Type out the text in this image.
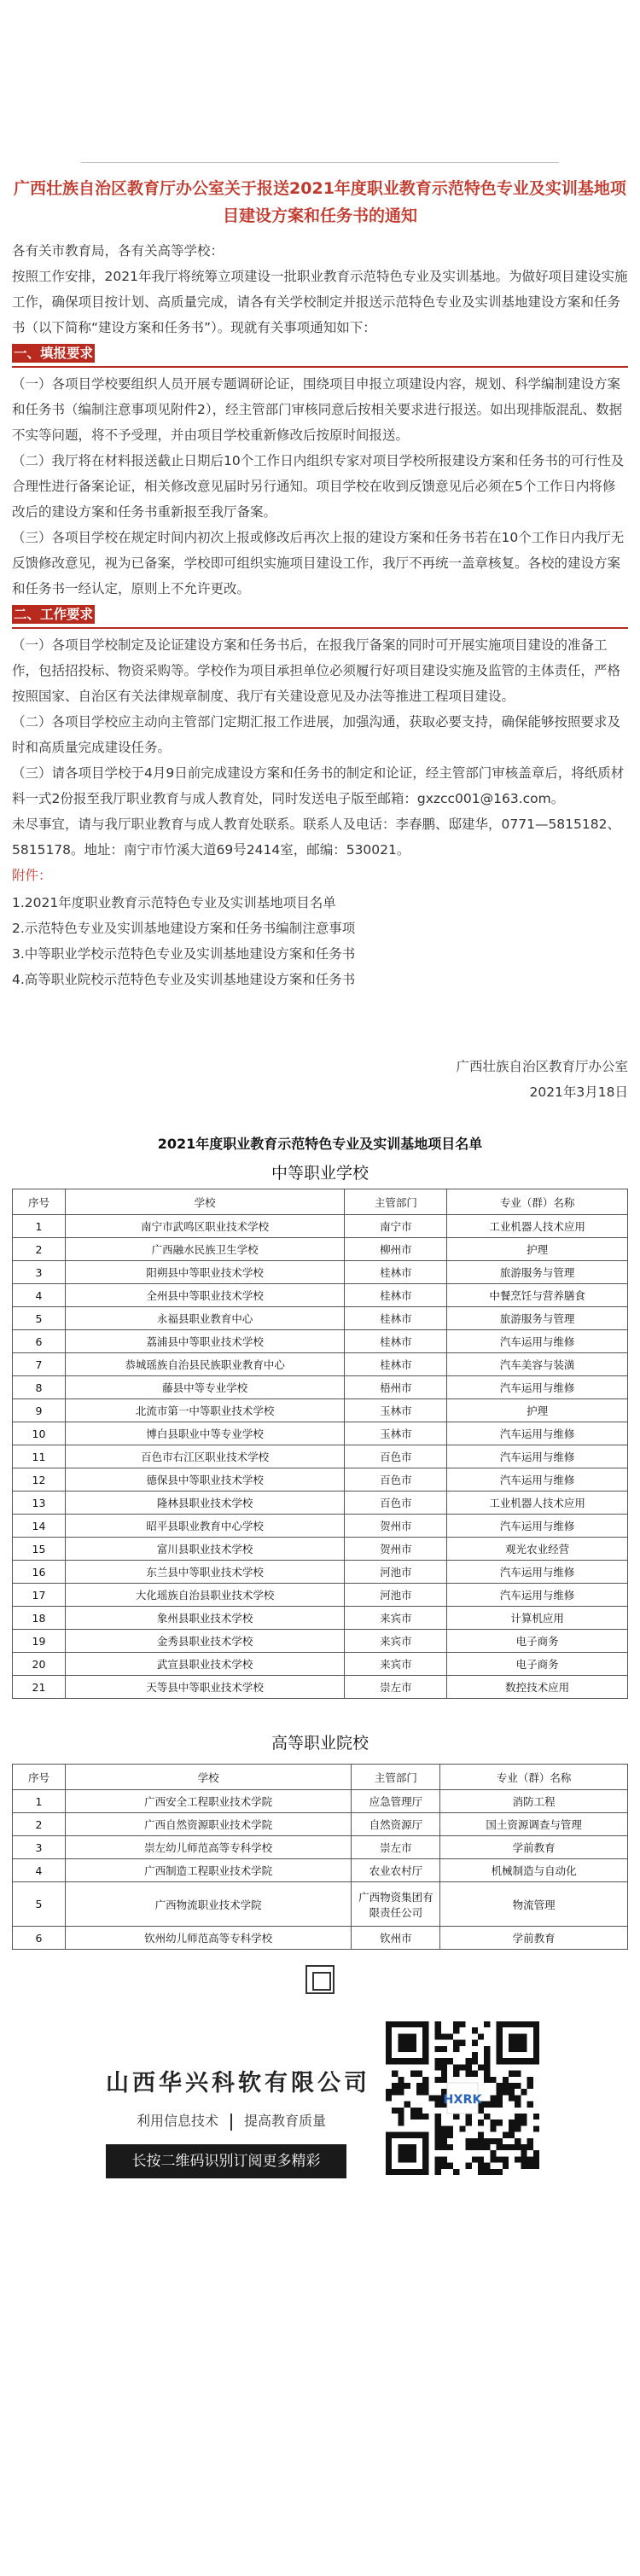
广西壮族自治区教育厅办公室关于报送2021年度职业教育示范特色专业及实训基地项目建设方案和任务书的通知

各有关市教育局，各有关高等学校：

按照工作安排，2021年我厅将统筹立项建设一批职业教育示范特色专业及实训基地。为做好项目建设实施工作，确保项目按计划、高质量完成，请各有关学校制定并报送示范特色专业及实训基地建设方案和任务书（以下简称“建设方案和任务书”）。现就有关事项通知如下：

一、填报要求

（一）各项目学校要组织人员开展专题调研论证，围绕项目申报立项建设内容，规划、科学编制建设方案和任务书（编制注意事项见附件2），经主管部门审核同意后按相关要求进行报送。如出现排版混乱、数据不实等问题，将不予受理，并由项目学校重新修改后按原时间报送。

（二）我厅将在材料报送截止日期后10个工作日内组织专家对项目学校所报建设方案和任务书的可行性及合理性进行备案论证，相关修改意见届时另行通知。项目学校在收到反馈意见后必须在5个工作日内将修改后的建设方案和任务书重新报至我厅备案。

（三）各项目学校在规定时间内初次上报或修改后再次上报的建设方案和任务书若在10个工作日内我厅无反馈修改意见，视为已备案，学校即可组织实施项目建设工作，我厅不再统一盖章核复。各校的建设方案和任务书一经认定，原则上不允许更改。

二、工作要求

（一）各项目学校制定及论证建设方案和任务书后，在报我厅备案的同时可开展实施项目建设的准备工作，包括招投标、物资采购等。学校作为项目承担单位必须履行好项目建设实施及监管的主体责任，严格按照国家、自治区有关法律规章制度、我厅有关建设意见及办法等推进工程项目建设。

（二）各项目学校应主动向主管部门定期汇报工作进展，加强沟通，获取必要支持，确保能够按照要求及时和高质量完成建设任务。

（三）请各项目学校于4月9日前完成建设方案和任务书的制定和论证，经主管部门审核盖章后，将纸质材料一式2份报至我厅职业教育与成人教育处，同时发送电子版至邮箱：gxzcc001@163.com。

未尽事宜，请与我厅职业教育与成人教育处联系。联系人及电话：李春鹏、邸建华，0771—5815182、5815178。地址：南宁市竹溪大道69号2414室，邮编：530021。

附件：

1.2021年度职业教育示范特色专业及实训基地项目名单

2.示范特色专业及实训基地建设方案和任务书编制注意事项

3.中等职业学校示范特色专业及实训基地建设方案和任务书

4.高等职业院校示范特色专业及实训基地建设方案和任务书

广西壮族自治区教育厅办公室

2021年3月18日

2021年度职业教育示范特色专业及实训基地项目名单
中等职业学校
序号	学校	主管部门	专业（群）名称
1	南宁市武鸣区职业技术学校	南宁市	工业机器人技术应用
2	广西融水民族卫生学校	柳州市	护理
3	阳朔县中等职业技术学校	桂林市	旅游服务与管理
4	全州县中等职业技术学校	桂林市	中餐烹饪与营养膳食
5	永福县职业教育中心	桂林市	旅游服务与管理
6	荔浦县中等职业技术学校	桂林市	汽车运用与维修
7	恭城瑶族自治县民族职业教育中心	桂林市	汽车美容与装潢
8	藤县中等专业学校	梧州市	汽车运用与维修
9	北流市第一中等职业技术学校	玉林市	护理
10	博白县职业中等专业学校	玉林市	汽车运用与维修
11	百色市右江区职业技术学校	百色市	汽车运用与维修
12	德保县中等职业技术学校	百色市	汽车运用与维修
13	隆林县职业技术学校	百色市	工业机器人技术应用
14	昭平县职业教育中心学校	贺州市	汽车运用与维修
15	富川县职业技术学校	贺州市	观光农业经营
16	东兰县中等职业技术学校	河池市	汽车运用与维修
17	大化瑶族自治县职业技术学校	河池市	汽车运用与维修
18	象州县职业技术学校	来宾市	计算机应用
19	金秀县职业技术学校	来宾市	电子商务
20	武宣县职业技术学校	来宾市	电子商务
21	天等县中等职业技术学校	崇左市	数控技术应用
高等职业院校
序号	学校	主管部门	专业（群）名称
1	广西安全工程职业技术学院	应急管理厅	消防工程
2	广西自然资源职业技术学院	自然资源厅	国土资源调查与管理
3	崇左幼儿师范高等专科学校	崇左市	学前教育
4	广西制造工程职业技术学院	农业农村厅	机械制造与自动化
5	广西物流职业技术学院	广西物资集团有限责任公司	物流管理
6	钦州幼儿师范高等专科学校	钦州市	学前教育
山西华兴科软有限公司
利用信息技术 提高教育质量
长按二维码识别订阅更多精彩
HXRK
